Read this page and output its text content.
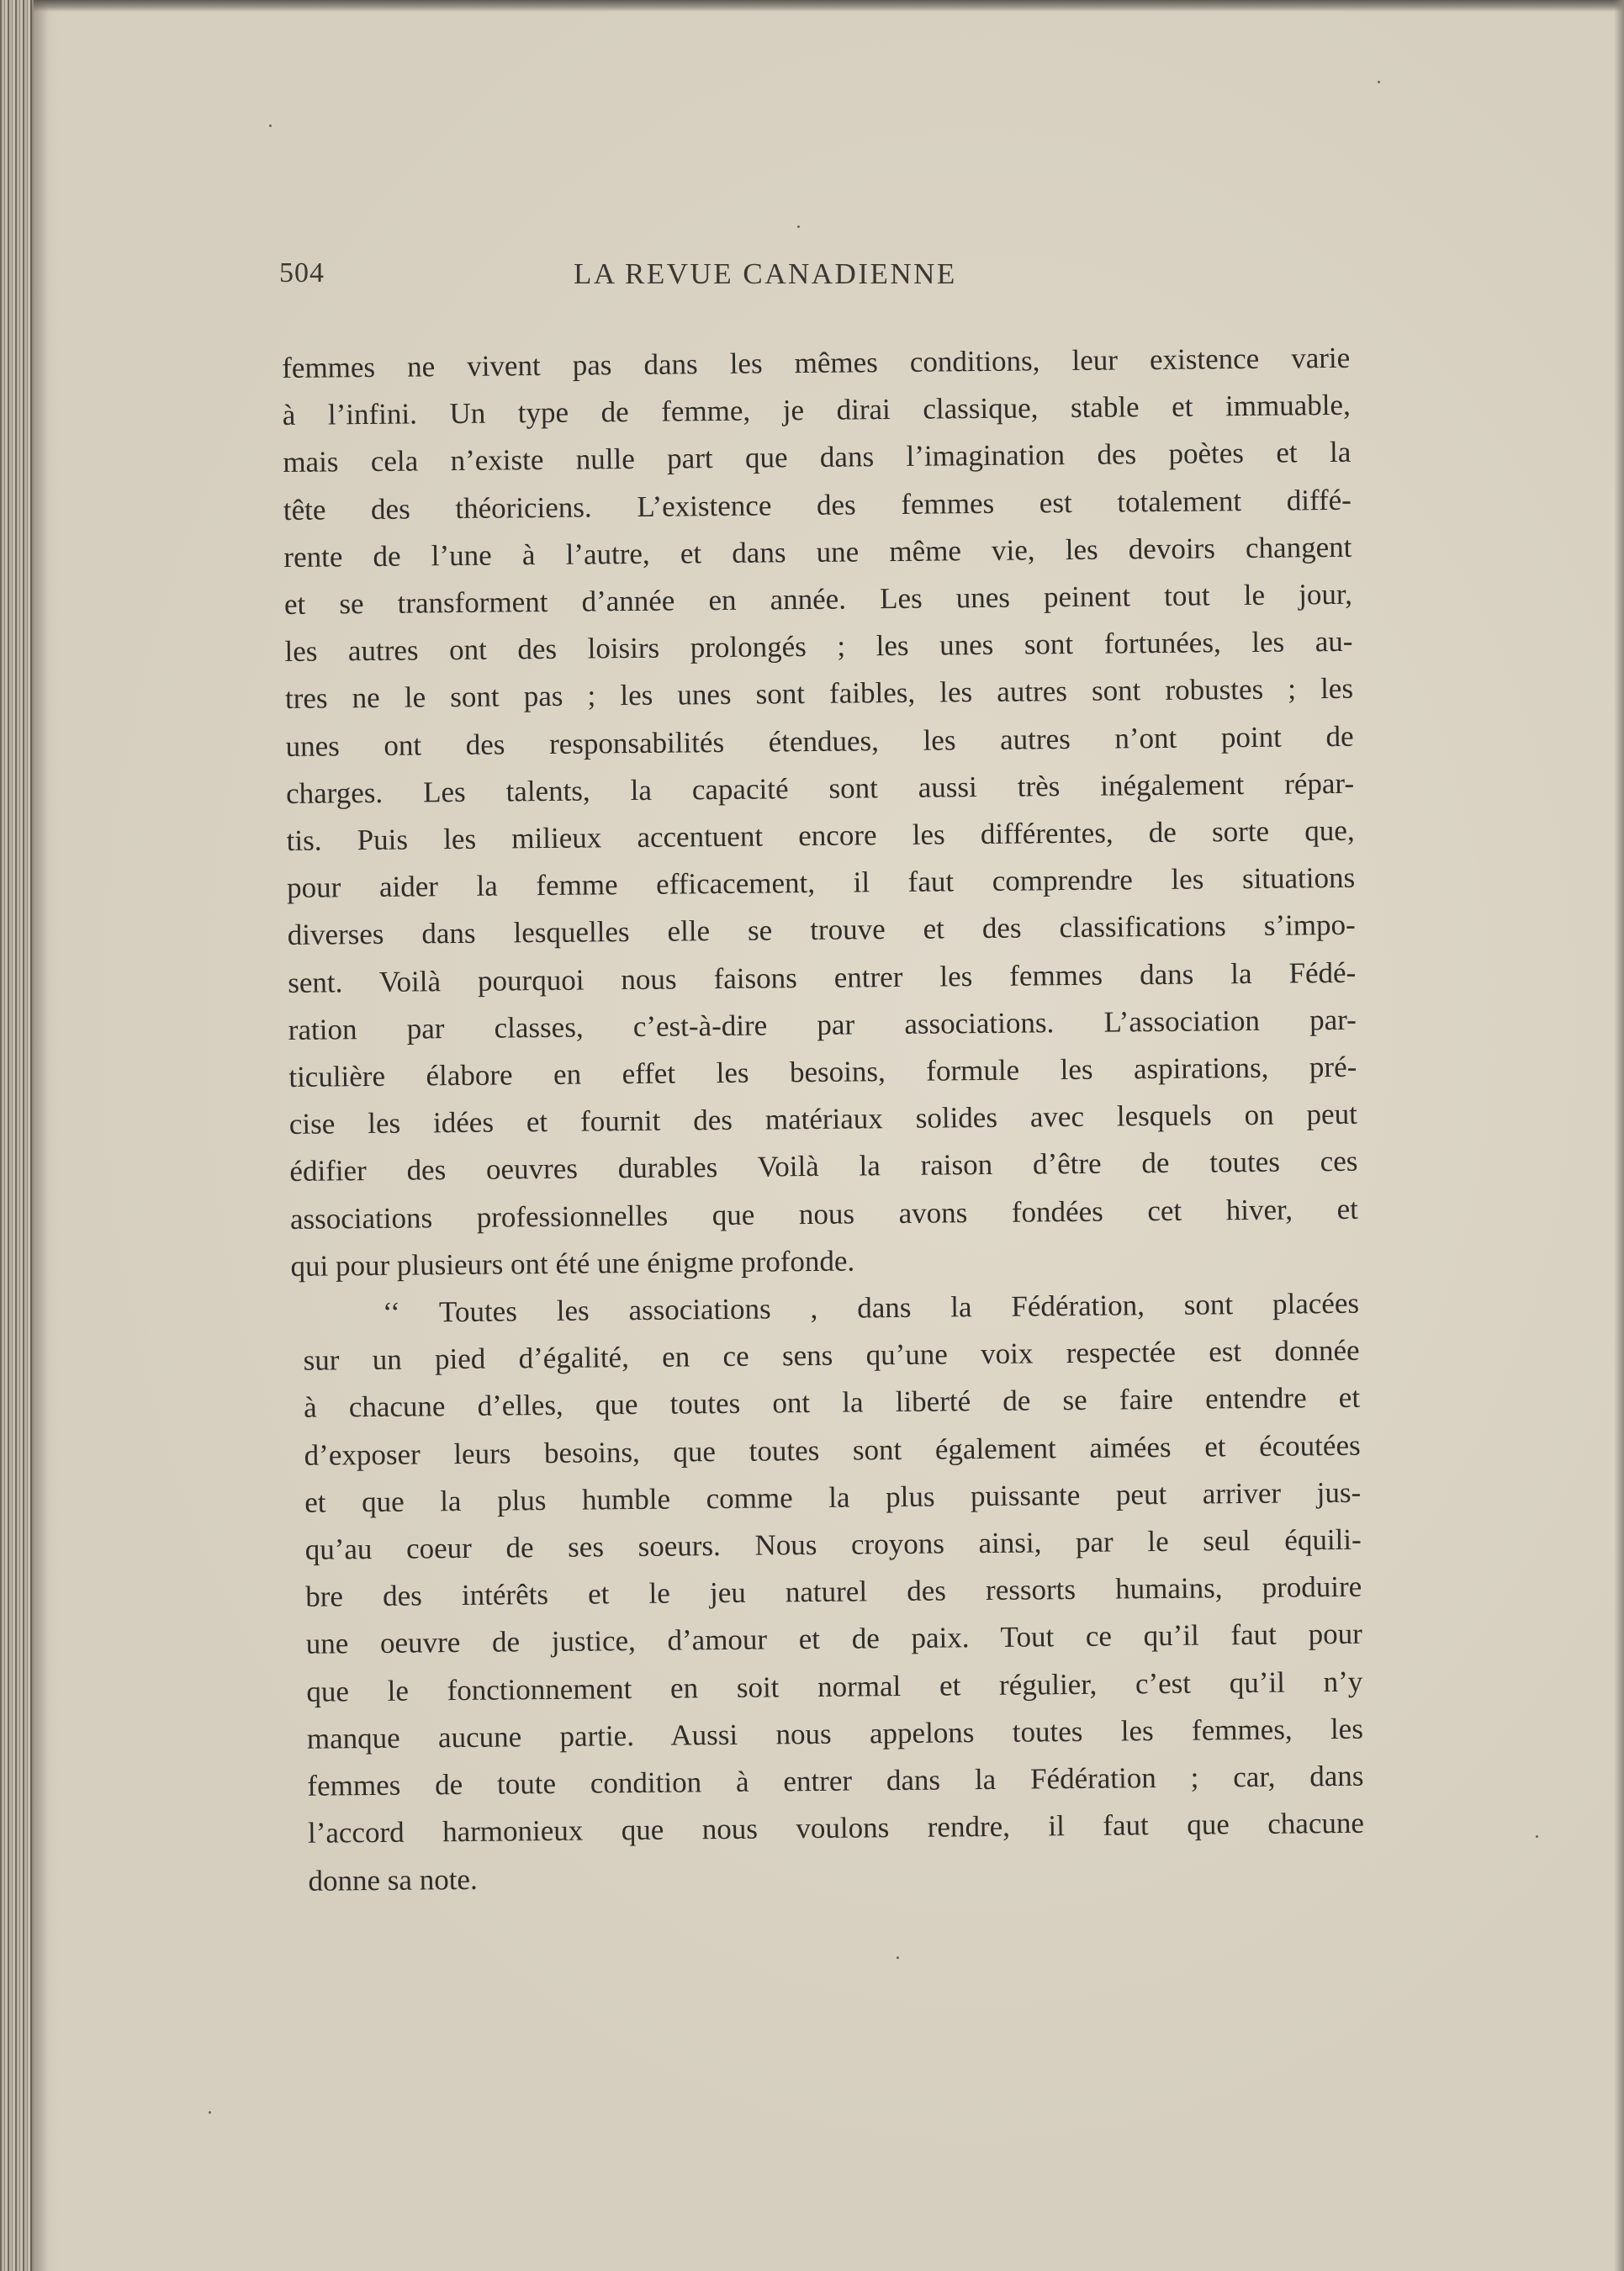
504	LA REVUE CANADIENNE
femmes ne vivent pas dans les mêmes conditions, leur existence varie
à l’infini. Un type de femme, je dirai classique, stable et immuable,
mais cela n’existe nulle part que dans l’imagination des poètes et la
tête des théoriciens. L’existence des femmes est totalement diffé-
rente de l’une à l’autre, et dans une même vie, les devoirs changent
et se transforment d’année en année. Les unes peinent tout le jour,
les autres ont des loisirs prolongés ; les unes sont fortunées, les au-
tres ne le sont pas ; les unes sont faibles, les autres sont robustes ; les
unes ont des responsabilités étendues, les autres n’ont point de
charges. Les talents, la capacité sont aussi très inégalement répar-
tis. Puis les milieux accentuent encore les différentes, de sorte que,
pour aider la femme efficacement, il faut comprendre les situations
diverses dans lesquelles elle se trouve et des classifications s’impo-
sent. Voilà pourquoi nous faisons entrer les femmes dans la Fédé-
ration par classes, c’est-à-dire par associations. L’association par-
ticulière élabore en effet les besoins, formule les aspirations, pré-
cise les idées et fournit des matériaux solides avec lesquels on peut
édifier des oeuvres durables Voilà la raison d’être de toutes ces
associations professionnelles que nous avons fondées cet hiver, et
qui pour plusieurs ont été une énigme profonde.
‘‘ Toutes les associations , dans la Fédération, sont placées
sur un pied d’égalité, en ce sens qu’une voix respectée est donnée
à chacune d’elles, que toutes ont la liberté de se faire entendre et
d’exposer leurs besoins, que toutes sont également aimées et écoutées
et que la plus humble comme la plus puissante peut arriver jus-
qu’au coeur de ses soeurs. Nous croyons ainsi, par le seul équili-
bre des intérêts et le jeu naturel des ressorts humains, produire
une oeuvre de justice, d’amour et de paix. Tout ce qu’il faut pour
que le fonctionnement en soit normal et régulier, c’est qu’il n’y
manque aucune partie. Aussi nous appelons toutes les femmes, les
femmes de toute condition à entrer dans la Fédération ; car, dans
l’accord harmonieux que nous voulons rendre, il faut que chacune
donne sa note.
